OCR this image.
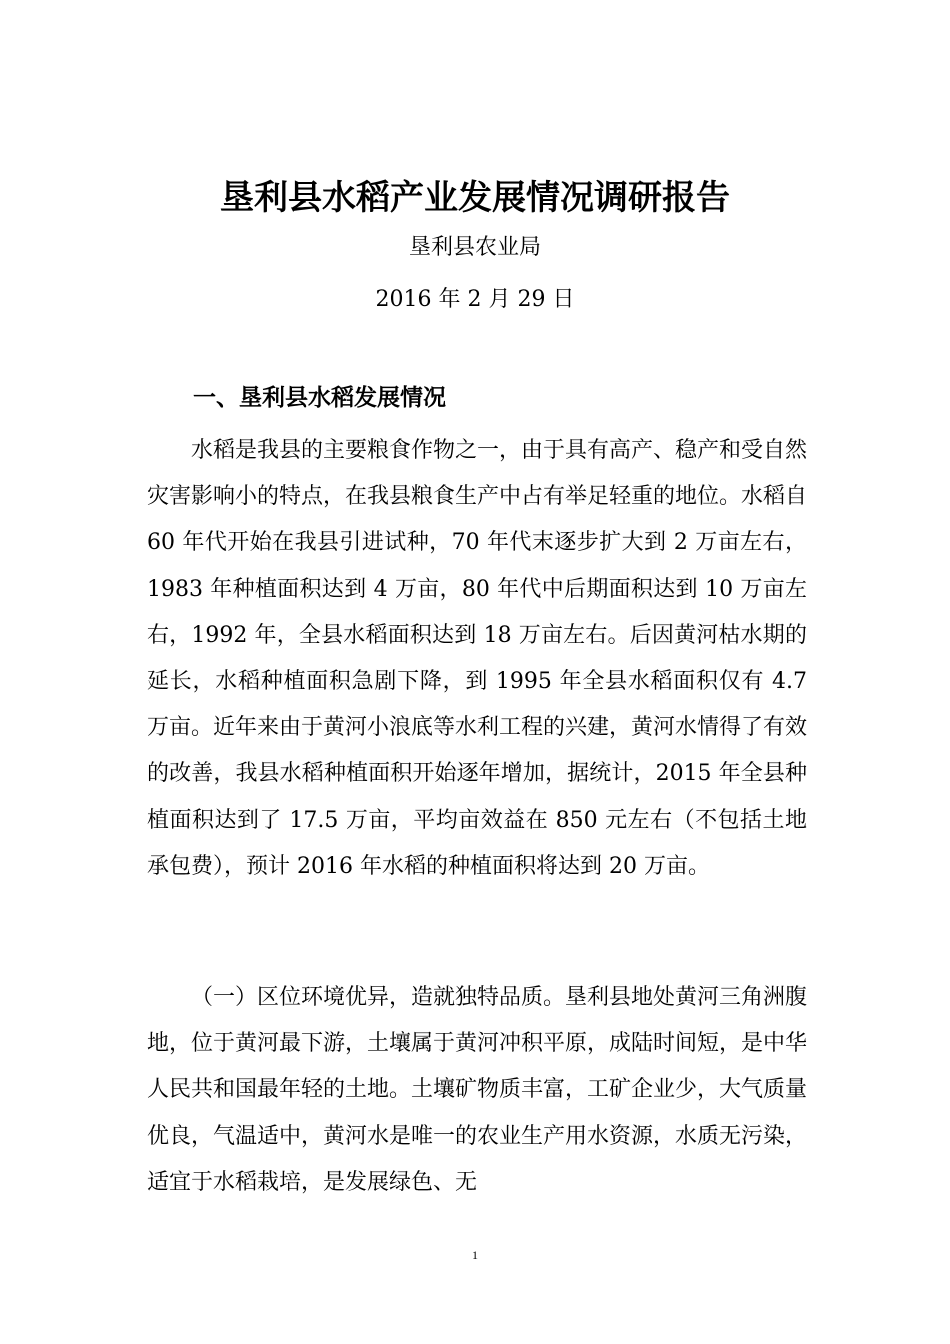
垦利县水稻产业发展情况调研报告
垦利县农业局
2016 年 2 月 29 日
一、垦利县水稻发展情况

水稻是我县的主要粮食作物之一，由于具有高产、稳产和受自然灾害影响小的特点，在我县粮食生产中占有举足轻重的地位。水稻自 60 年代开始在我县引进试种，70 年代末逐步扩大到 2 万亩左右，1983 年种植面积达到 4 万亩，80 年代中后期面积达到 10 万亩左右，1992 年，全县水稻面积达到 18 万亩左右。后因黄河枯水期的延长，水稻种植面积急剧下降，到 1995 年全县水稻面积仅有 4.7 万亩。近年来由于黄河小浪底等水利工程的兴建，黄河水情得了有效的改善，我县水稻种植面积开始逐年增加，据统计，2015 年全县种植面积达到了 17.5 万亩，平均亩效益在 850 元左右（不包括土地承包费），预计 2016 年水稻的种植面积将达到 20 万亩。

（一）区位环境优异，造就独特品质。垦利县地处黄河三角洲腹地，位于黄河最下游，土壤属于黄河冲积平原，成陆时间短，是中华人民共和国最年轻的土地。土壤矿物质丰富，工矿企业少，大气质量优良，气温适中，黄河水是唯一的农业生产用水资源，水质无污染，适宜于水稻栽培，是发展绿色、无

1
